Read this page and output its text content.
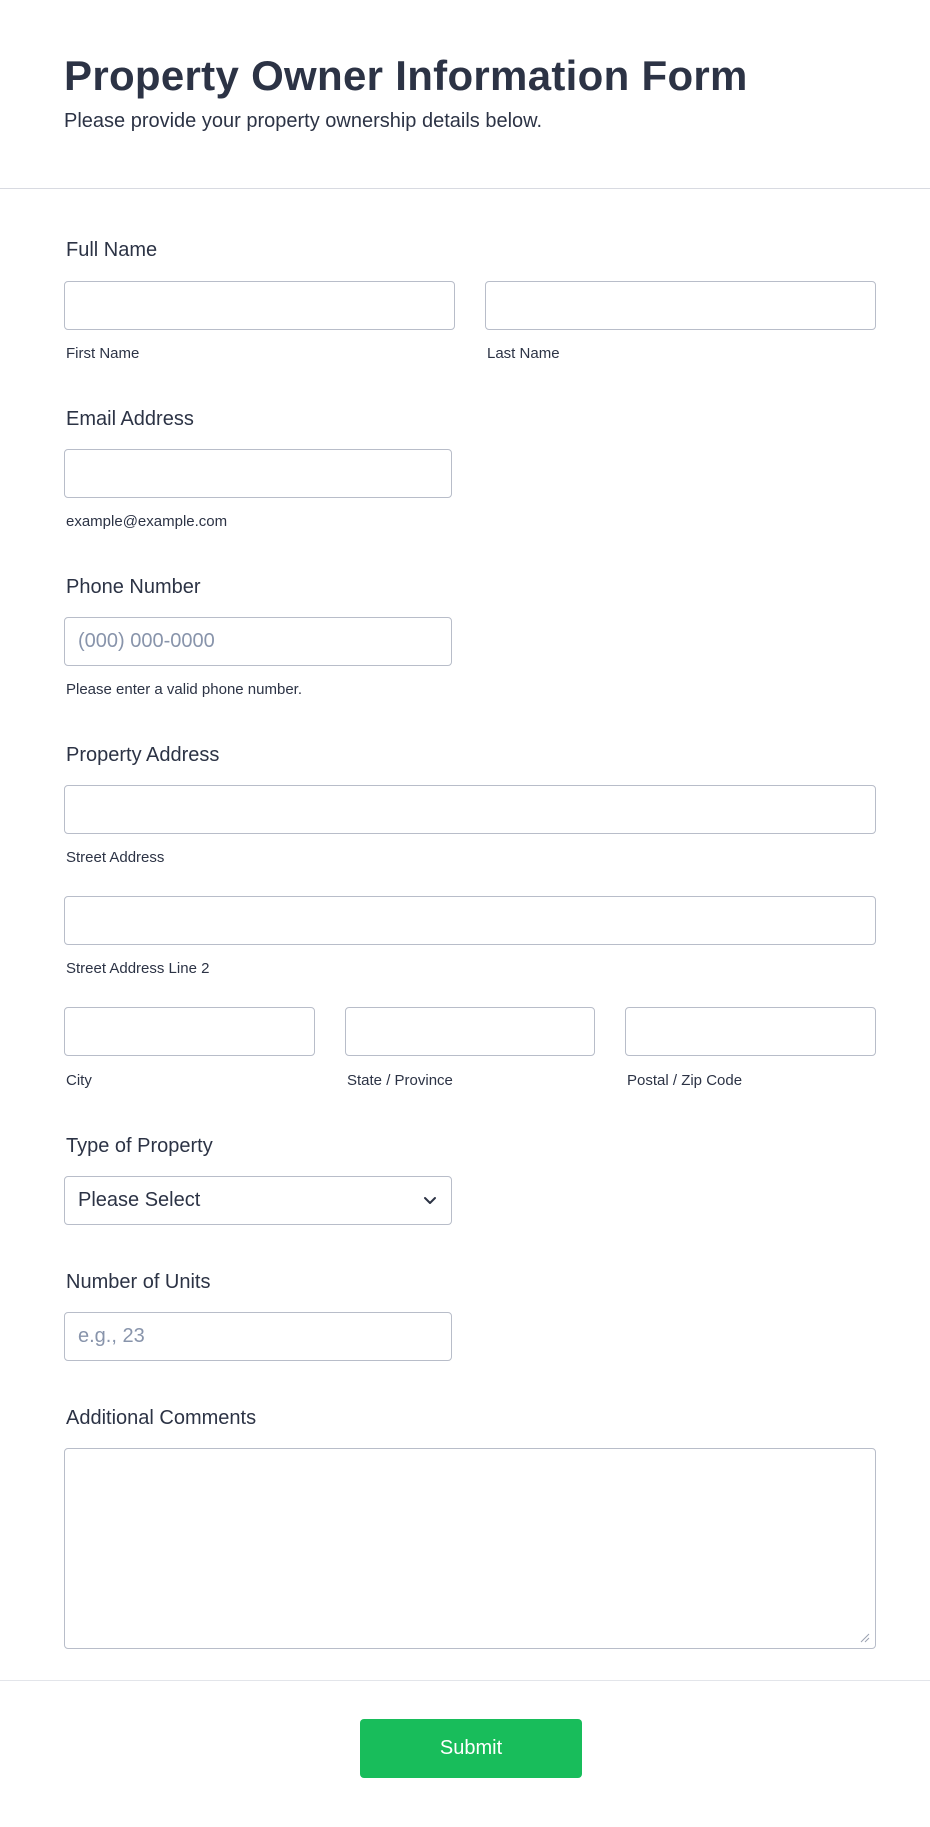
Property Owner Information Form
Please provide your property ownership details below.
Full Name
First Name	Last Name
Email Address
example@example.com
Phone Number
(000) 000-0000
Please enter a valid phone number.
Property Address
Street Address
Street Address Line 2
City	State / Province	Postal / Zip Code
Type of Property
Please Select
Number of Units
e.g., 23
Additional Comments
Submit
